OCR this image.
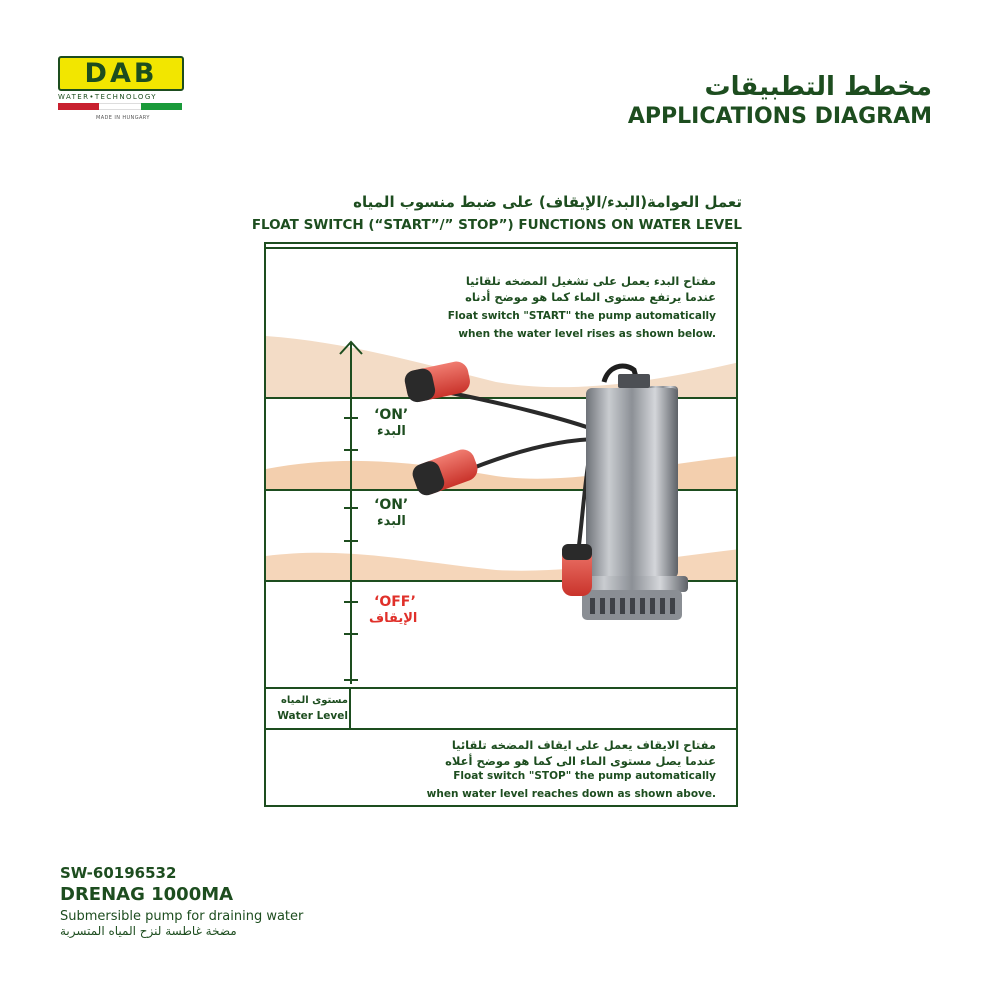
DAB
WATER•TECHNOLOGY
MADE IN HUNGARY
مخطط التطبيقات
APPLICATIONS DIAGRAM
تعمل العوامة(البدء/الإيقاف) على ضبط منسوب المياه
FLOAT SWITCH (“START”/” STOP”) FUNCTIONS ON WATER LEVEL
‘ON’
البدء
‘ON’
البدء
‘OFF’
الإيقاف
مستوى المياه
Water Level
مفتاح البدء يعمل على تشغيل المضخه تلقائيا
عندما يرتفع مستوى الماء كما هو موضح أدناه
Float switch "START" the pump automatically
when the water level rises as shown below.
مفتاح الايقاف يعمل على ايقاف المضخه تلقائيا
عندما يصل مستوى الماء الى كما هو موضح أعلاه
Float switch "STOP" the pump automatically
when water level reaches down as shown above.
SW-60196532
DRENAG 1000MA
Submersible pump for draining water
مضخة غاطسة لنزح المياه المتسربة
